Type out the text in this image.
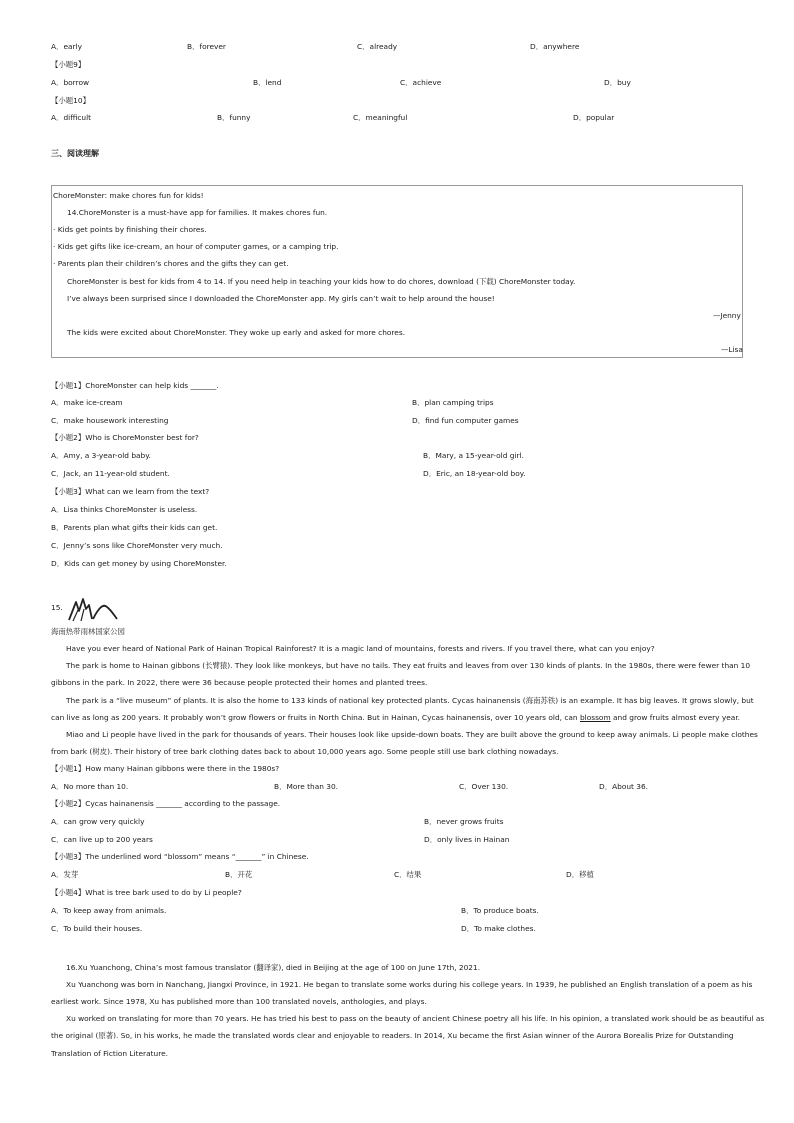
A．early	B．forever	C．already	D．anywhere
【小题9】
A．borrow	B．lend	C．achieve	D．buy
【小题10】
A．difficult	B．funny	C．meaningful	D．popular
三、阅读理解
ChoreMonster: make chores fun for kids!
14.ChoreMonster is a must-have app for families. It makes chores fun.
· Kids get points by finishing their chores.
· Kids get gifts like ice-cream, an hour of computer games, or a camping trip.
· Parents plan their children’s chores and the gifts they can get.
ChoreMonster is best for kids from 4 to 14. If you need help in teaching your kids how to do chores, download (下载) ChoreMonster today.
I’ve always been surprised since I downloaded the ChoreMonster app. My girls can’t wait to help around the house!
—Jenny
The kids were excited about ChoreMonster. They woke up early and asked for more chores.
—Lisa
【小题1】ChoreMonster can help kids _______.
A．make ice-cream	B．plan camping trips
C．make housework interesting	D．find fun computer games
【小题2】Who is ChoreMonster best for?
A．Amy, a 3-year-old baby.	B．Mary, a 15-year-old girl.
C．Jack, an 11-year-old student.	D．Eric, an 18-year-old boy.
【小题3】What can we learn from the text?
A．Lisa thinks ChoreMonster is useless.
B．Parents plan what gifts their kids can get.
C．Jenny’s sons like ChoreMonster very much.
D．Kids can get money by using ChoreMonster.
15.
海南热带雨林国家公园
Have you ever heard of National Park of Hainan Tropical Rainforest? It is a magic land of mountains, forests and rivers. If you travel there, what can you enjoy?
The park is home to Hainan gibbons (长臂猿). They look like monkeys, but have no tails. They eat fruits and leaves from over 130 kinds of plants. In the 1980s, there were fewer than 10
gibbons in the park. In 2022, there were 36 because people protected their homes and planted trees.
The park is a “live museum” of plants. It is also the home to 133 kinds of national key protected plants. Cycas hainanensis (海南苏铁) is an example. It has big leaves. It grows slowly, but
can live as long as 200 years. It probably won’t grow flowers or fruits in North China. But in Hainan, Cycas hainanensis, over 10 years old, can blossom and grow fruits almost every year.
Miao and Li people have lived in the park for thousands of years. Their houses look like upside-down boats. They are built above the ground to keep away animals. Li people make clothes
from bark (树皮). Their history of tree bark clothing dates back to about 10,000 years ago. Some people still use bark clothing nowadays.
【小题1】How many Hainan gibbons were there in the 1980s?
A．No more than 10.	B．More than 30.	C．Over 130.	D．About 36.
【小题2】Cycas hainanensis _______ according to the passage.
A．can grow very quickly	B．never grows fruits
C．can live up to 200 years	D．only lives in Hainan
【小题3】The underlined word “blossom” means “_______” in Chinese.
A．发芽	B．开花	C．结果	D．移植
【小题4】What is tree bark used to do by Li people?
A．To keep away from animals.	B．To produce boats.
C．To build their houses.	D．To make clothes.
16.Xu Yuanchong, China’s most famous translator (翻译家), died in Beijing at the age of 100 on June 17th, 2021.
Xu Yuanchong was born in Nanchang, Jiangxi Province, in 1921. He began to translate some works during his college years. In 1939, he published an English translation of a poem as his
earliest work. Since 1978, Xu has published more than 100 translated novels, anthologies, and plays.
Xu worked on translating for more than 70 years. He has tried his best to pass on the beauty of ancient Chinese poetry all his life. In his opinion, a translated work should be as beautiful as
the original (原著). So, in his works, he made the translated words clear and enjoyable to readers. In 2014, Xu became the first Asian winner of the Aurora Borealis Prize for Outstanding
Translation of Fiction Literature.
